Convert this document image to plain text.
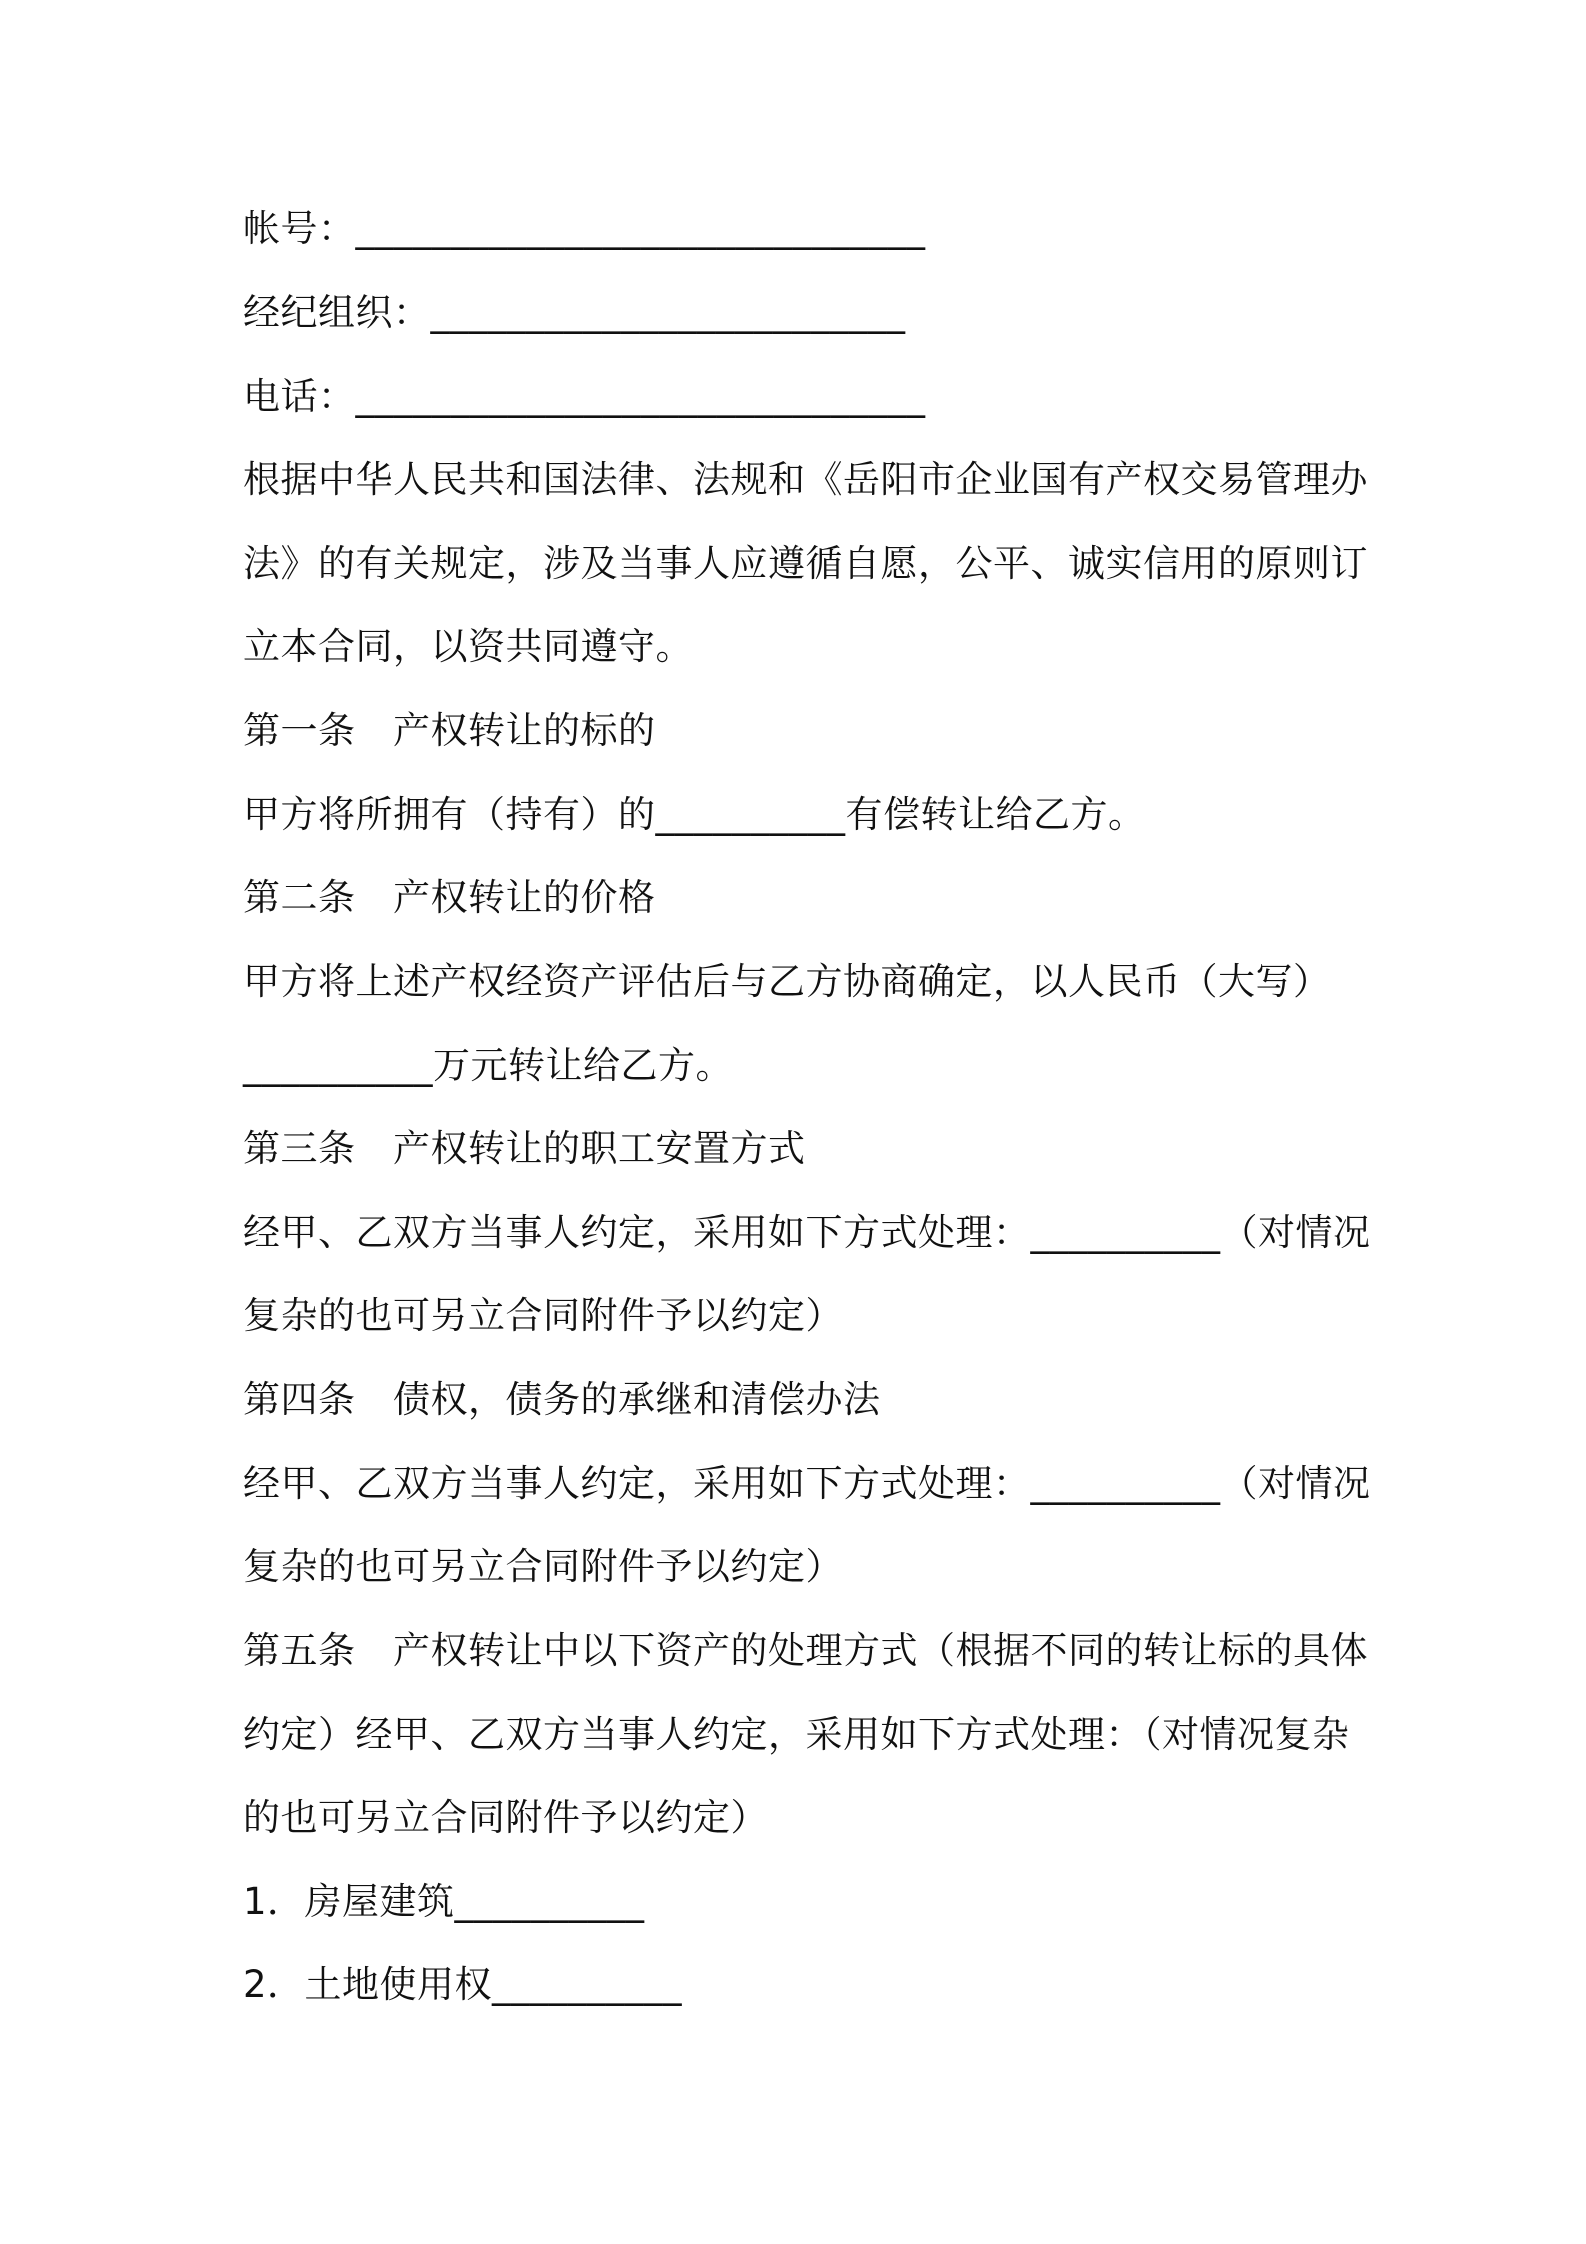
帐号：______________________________
经纪组织：_________________________
电话：______________________________
根据中华人民共和国法律、法规和《岳阳市企业国有产权交易管理办
法》的有关规定，涉及当事人应遵循自愿，公平、诚实信用的原则订
立本合同，以资共同遵守。
第一条　产权转让的标的
甲方将所拥有（持有）的__________有偿转让给乙方。
第二条　产权转让的价格
甲方将上述产权经资产评估后与乙方协商确定，以人民币（大写）
__________万元转让给乙方。
第三条　产权转让的职工安置方式
经甲、乙双方当事人约定，采用如下方式处理：__________（对情况
复杂的也可另立合同附件予以约定）
第四条　债权，债务的承继和清偿办法
经甲、乙双方当事人约定，采用如下方式处理：__________（对情况
复杂的也可另立合同附件予以约定）
第五条　产权转让中以下资产的处理方式（根据不同的转让标的具体
约定）经甲、乙双方当事人约定，采用如下方式处理：（对情况复杂
的也可另立合同附件予以约定）
1．房屋建筑__________
2．土地使用权__________
